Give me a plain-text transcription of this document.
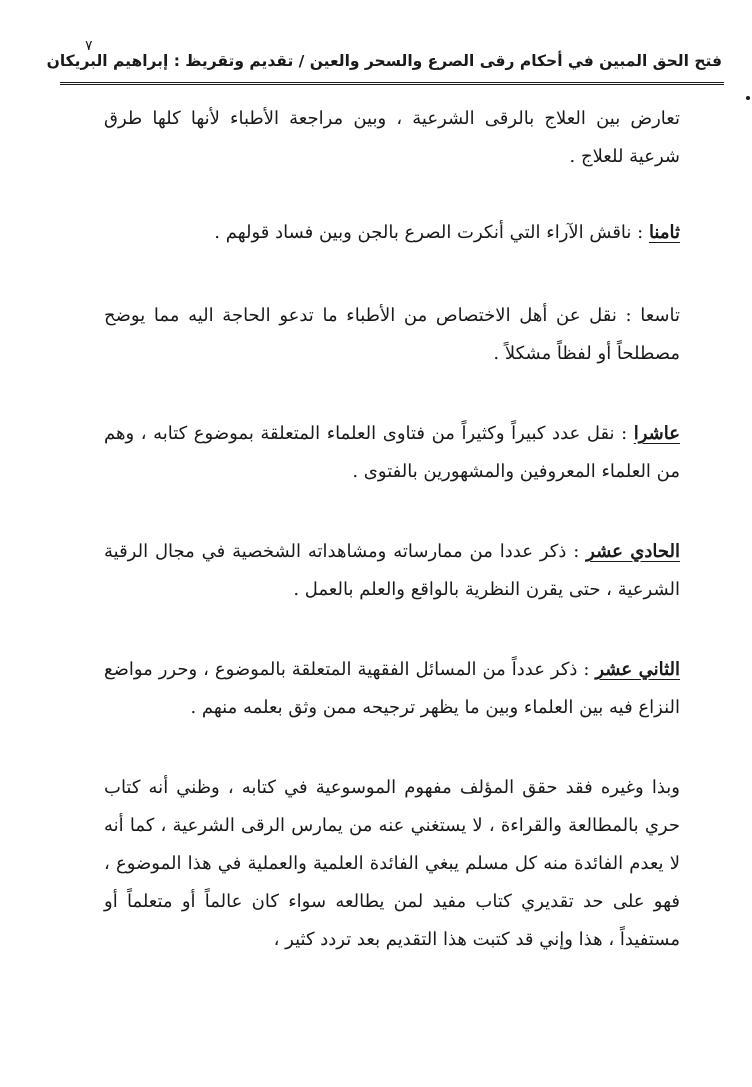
فتح الحق المبين في أحكام رقى الصرع والسحر والعين / تقديم وتقريظ : إبراهيم البريكان
٧

تعارض بين العلاج بالرقى الشرعية ، وبين مراجعة الأطباء لأنها كلها طرق شرعية للعلاج .

ثامنا : ناقش الآراء التي أنكرت الصرع بالجن وبين فساد قولهم .

تاسعا : نقل عن أهل الاختصاص من الأطباء ما تدعو الحاجة اليه مما يوضح مصطلحاً أو لفظاً مشكلاً .

عاشرا : نقل عدد كبيراً وكثيراً من فتاوى العلماء المتعلقة بموضوع كتابه ، وهم من العلماء المعروفين والمشهورين بالفتوى .

الحادي عشر : ذكر عددا من ممارساته ومشاهداته الشخصية في مجال الرقية الشرعية ، حتى يقرن النظرية بالواقع والعلم بالعمل .

الثاني عشر : ذكر عدداً من المسائل الفقهية المتعلقة بالموضوع ، وحرر مواضع النزاع فيه بين العلماء وبين ما يظهر ترجيحه ممن وثق بعلمه منهم .

وبذا وغيره فقد حقق المؤلف مفهوم الموسوعية في كتابه ، وظني أنه كتاب حري بالمطالعة والقراءة ، لا يستغني عنه من يمارس الرقى الشرعية ، كما أنه لا يعدم الفائدة منه كل مسلم يبغي الفائدة العلمية والعملية في هذا الموضوع ، فهو على حد تقديري كتاب مفيد لمن يطالعه سواء كان عالماً أو متعلماً أو مستفيداً ، هذا وإني قد كتبت هذا التقديم بعد تردد كثير ،
